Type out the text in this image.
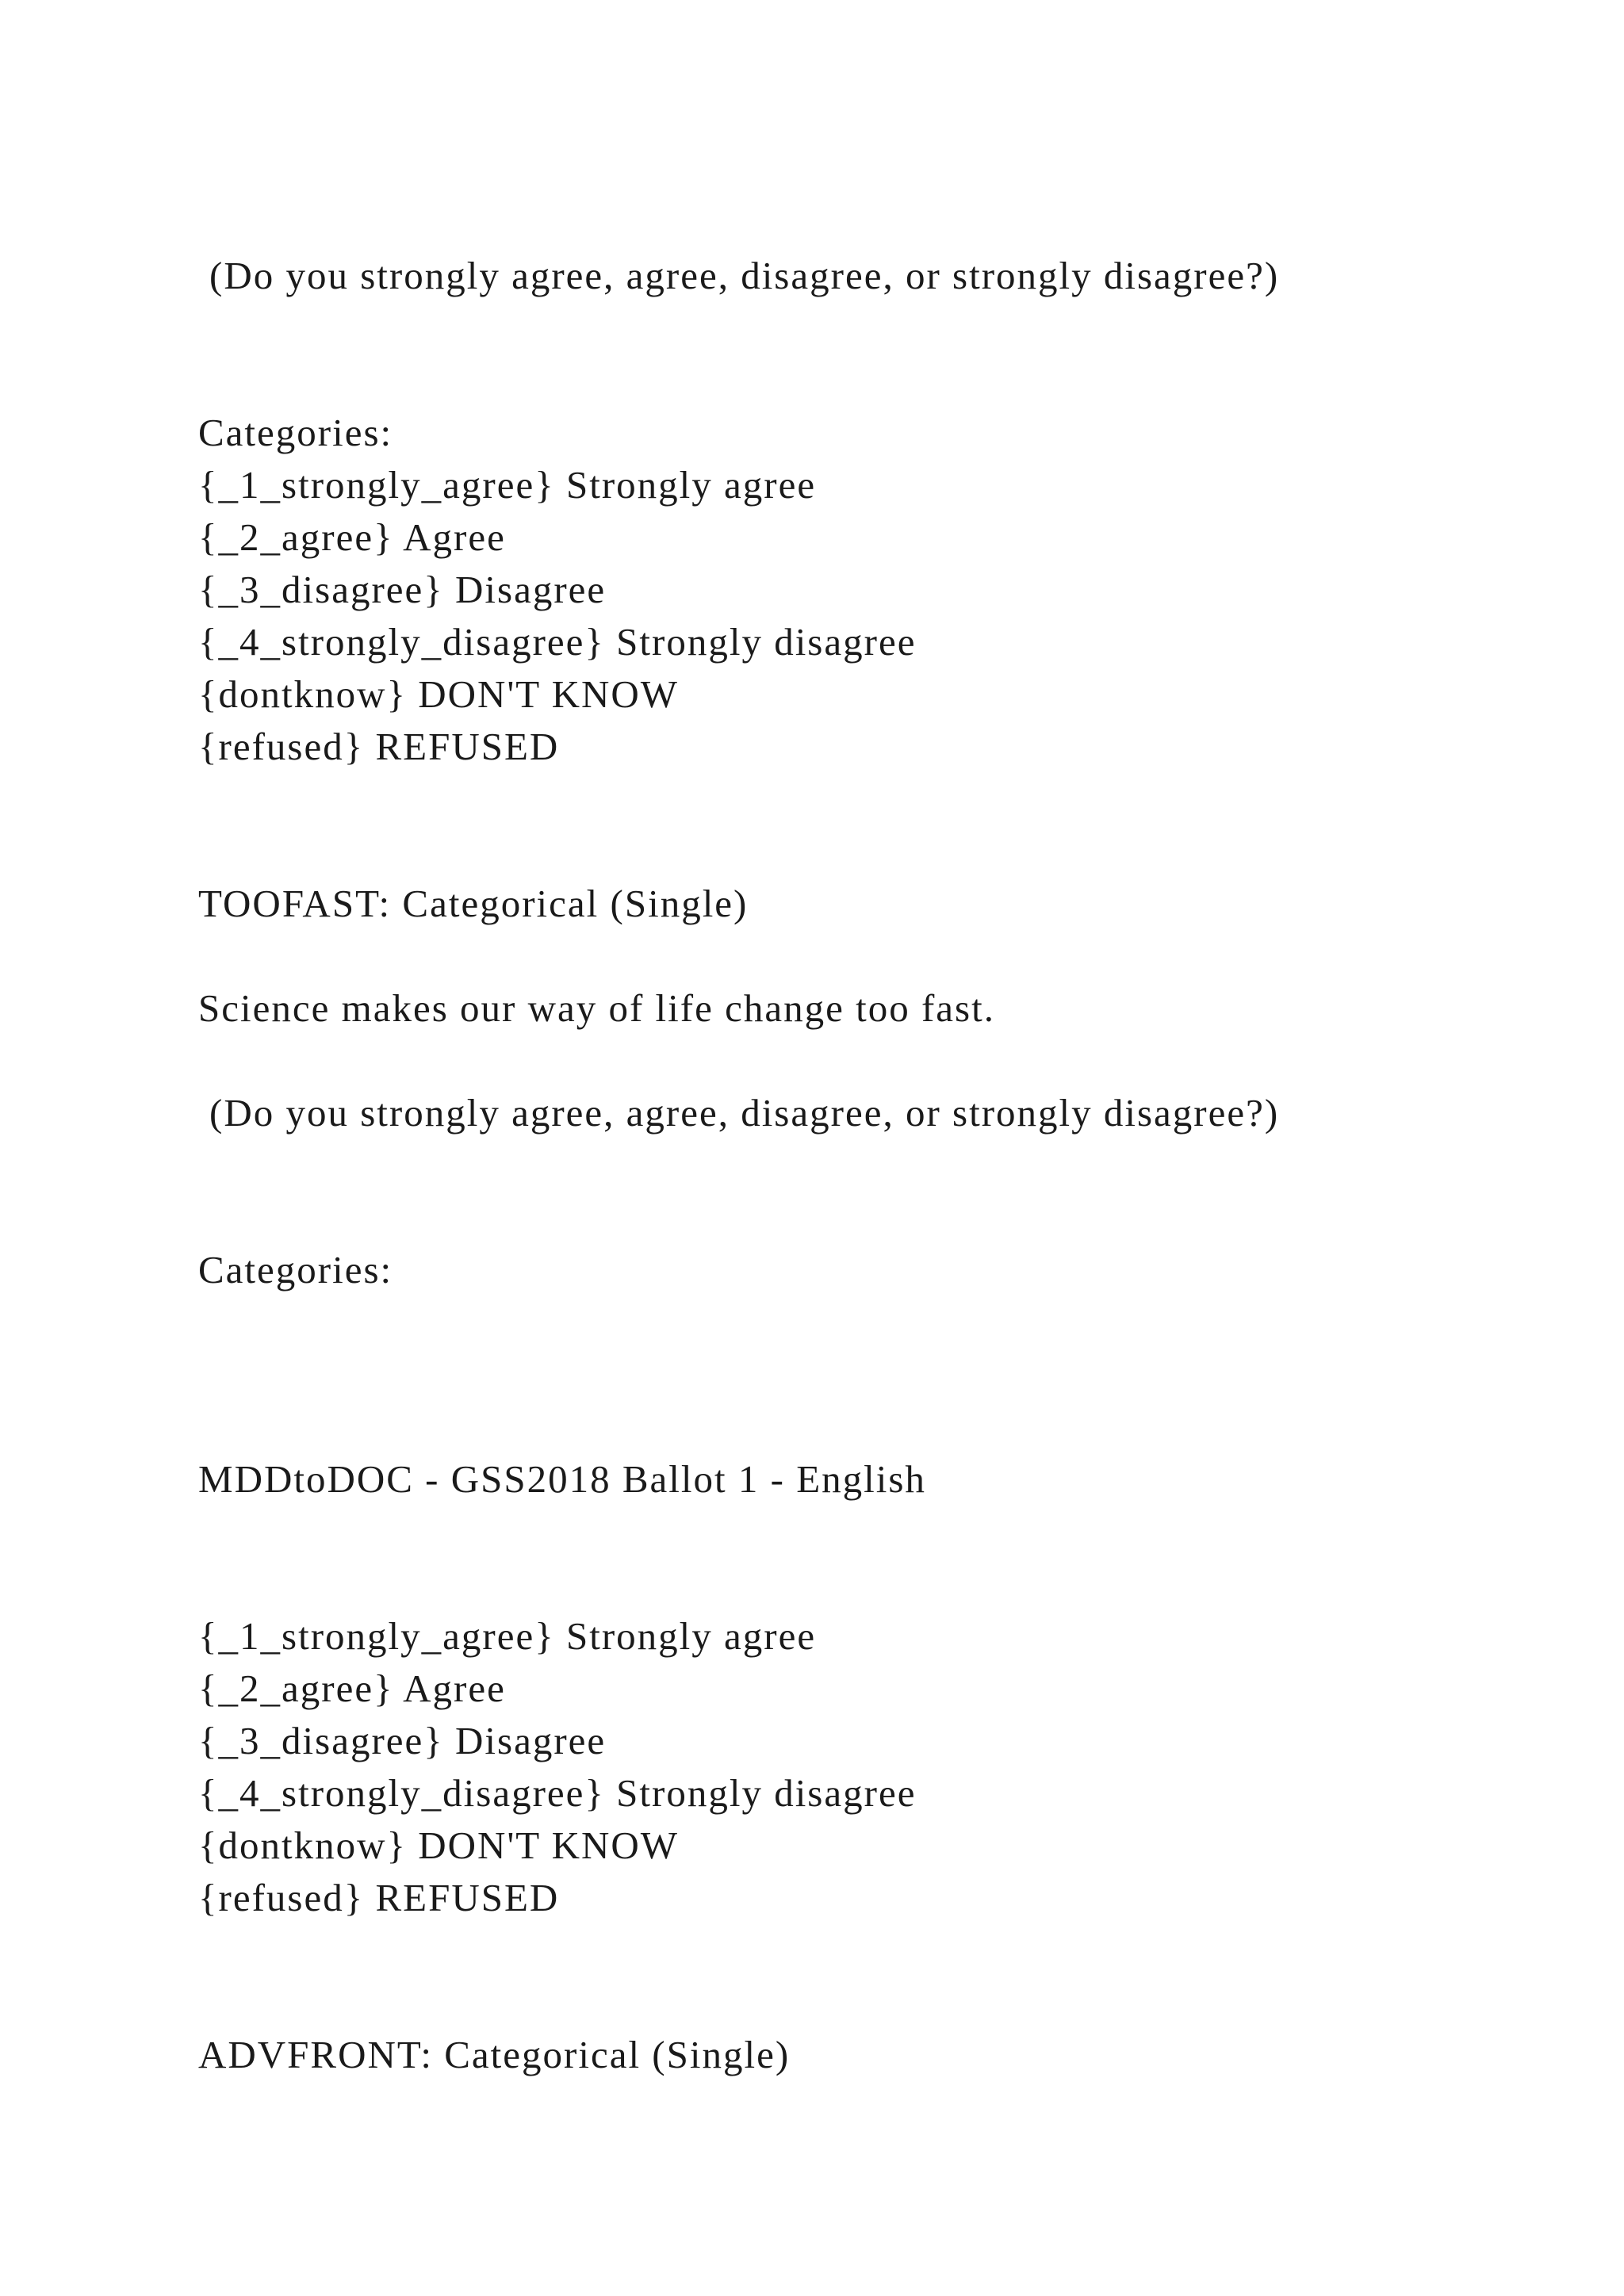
(Do you strongly agree, agree, disagree, or strongly disagree?)
Categories:
{_1_strongly_agree} Strongly agree
{_2_agree} Agree
{_3_disagree} Disagree
{_4_strongly_disagree} Strongly disagree
{dontknow} DON'T KNOW
{refused} REFUSED
TOOFAST: Categorical (Single)
Science makes our way of life change too fast.
(Do you strongly agree, agree, disagree, or strongly disagree?)
Categories:
MDDtoDOC - GSS2018 Ballot 1 - English
{_1_strongly_agree} Strongly agree
{_2_agree} Agree
{_3_disagree} Disagree
{_4_strongly_disagree} Strongly disagree
{dontknow} DON'T KNOW
{refused} REFUSED
ADVFRONT: Categorical (Single)
